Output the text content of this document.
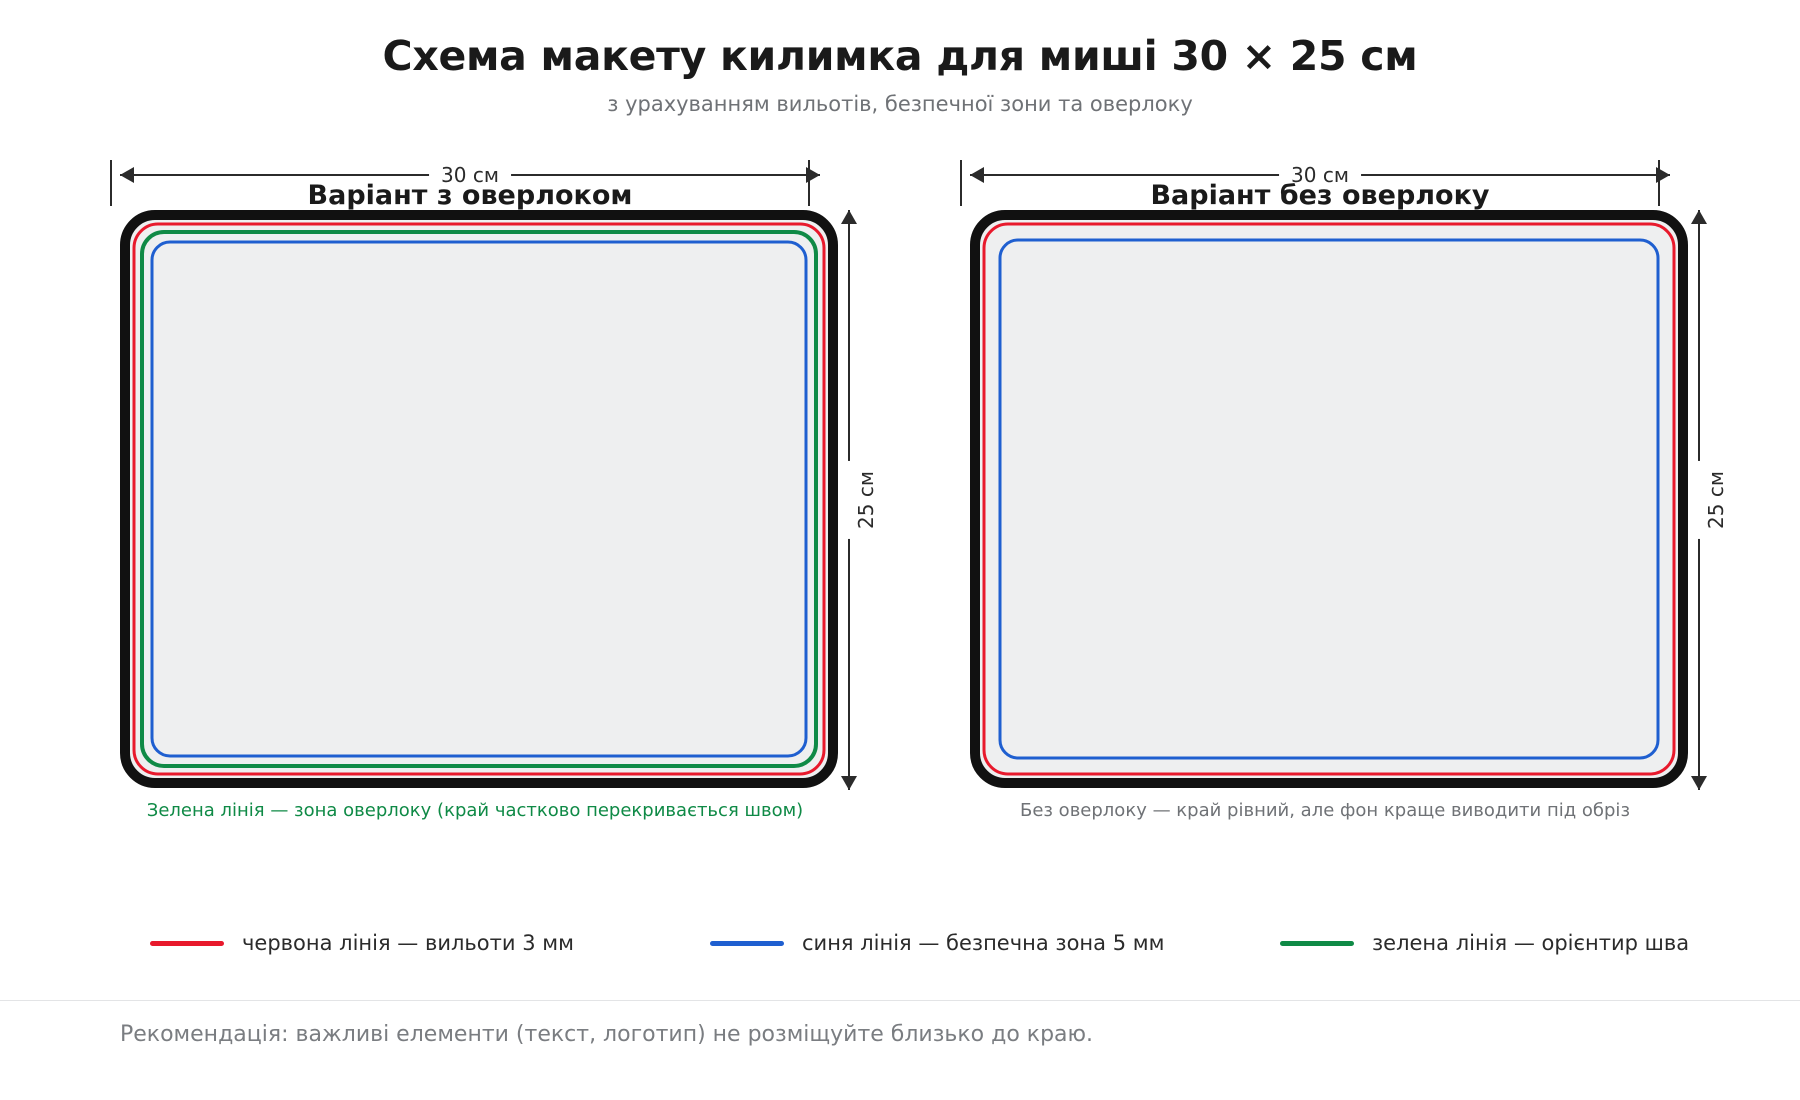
Схема макету килимка для миші 30 × 25 см
з урахуванням вильотів, безпечної зони та оверлоку
30 см
Варіант з оверлоком
25 см
Зелена лінія — зона оверлоку (край частково перекривається швом)
30 см
Варіант без оверлоку
25 см
Без оверлоку — край рівний, але фон краще виводити під обріз
червона лінія — вильоти 3 мм	синя лінія — безпечна зона 5 мм	зелена лінія — орієнтир шва
Рекомендація: важливі елементи (текст, логотип) не розміщуйте близько до краю.
